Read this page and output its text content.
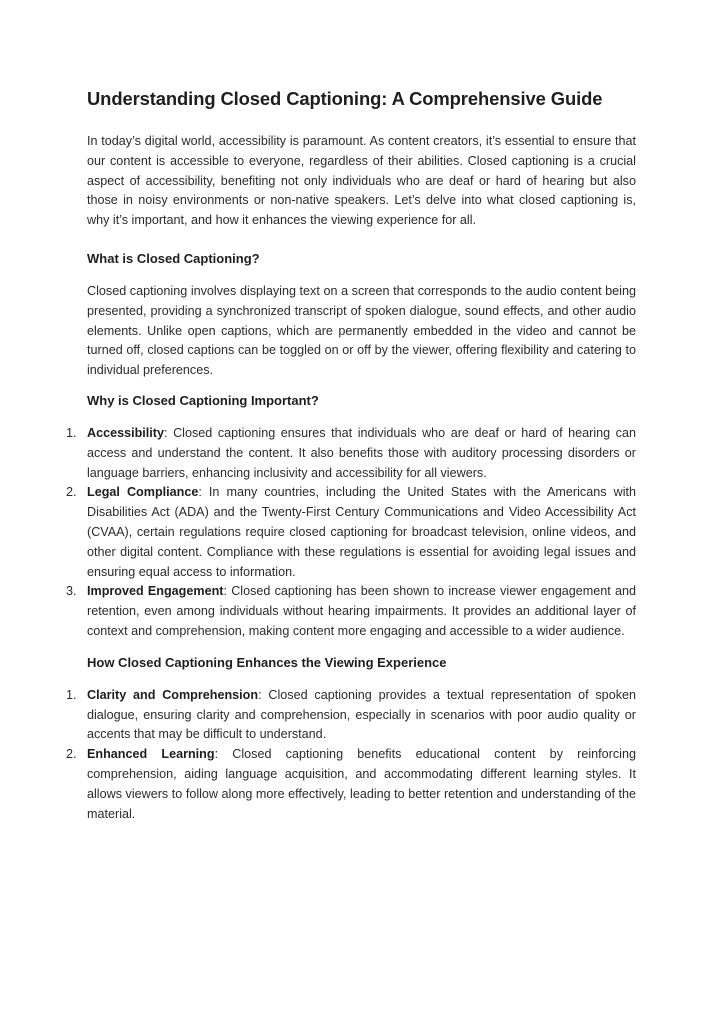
Understanding Closed Captioning: A Comprehensive Guide

In today’s digital world, accessibility is paramount. As content creators, it’s essential to ensure that our content is accessible to everyone, regardless of their abilities. Closed captioning is a crucial aspect of accessibility, benefiting not only individuals who are deaf or hard of hearing but also those in noisy environments or non-native speakers. Let’s delve into what closed captioning is, why it’s important, and how it enhances the viewing experience for all.

What is Closed Captioning?

Closed captioning involves displaying text on a screen that corresponds to the audio content being presented, providing a synchronized transcript of spoken dialogue, sound effects, and other audio elements. Unlike open captions, which are permanently embedded in the video and cannot be turned off, closed captions can be toggled on or off by the viewer, offering flexibility and catering to individual preferences.

Why is Closed Captioning Important?
1. Accessibility: Closed captioning ensures that individuals who are deaf or hard of hearing can access and understand the content. It also benefits those with auditory processing disorders or language barriers, enhancing inclusivity and accessibility for all viewers.
2. Legal Compliance: In many countries, including the United States with the Americans with Disabilities Act (ADA) and the Twenty-First Century Communications and Video Accessibility Act (CVAA), certain regulations require closed captioning for broadcast television, online videos, and other digital content. Compliance with these regulations is essential for avoiding legal issues and ensuring equal access to information.
3. Improved Engagement: Closed captioning has been shown to increase viewer engagement and retention, even among individuals without hearing impairments. It provides an additional layer of context and comprehension, making content more engaging and accessible to a wider audience.
How Closed Captioning Enhances the Viewing Experience
1. Clarity and Comprehension: Closed captioning provides a textual representation of spoken dialogue, ensuring clarity and comprehension, especially in scenarios with poor audio quality or accents that may be difficult to understand.
2. Enhanced Learning: Closed captioning benefits educational content by reinforcing comprehension, aiding language acquisition, and accommodating different learning styles. It allows viewers to follow along more effectively, leading to better retention and understanding of the material.
